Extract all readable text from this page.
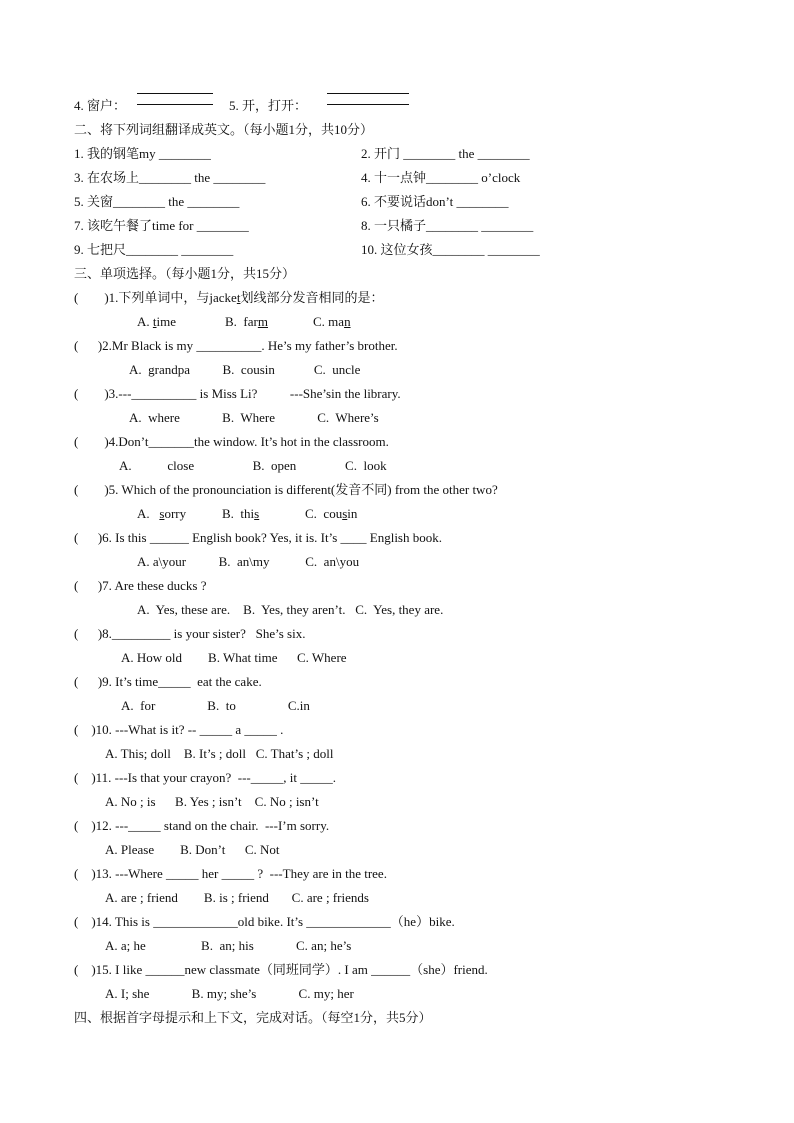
4. 窗户：	5. 开，打开：
二、将下列词组翻译成英文。（每小题1分，共10分）
1. 我的钢笔my ________	2. 开门 ________ the ________
3. 在农场上________ the ________	4. 十一点钟________ o’clock
5. 关窗________ the ________	6. 不要说话don’t ________
7. 该吃午餐了time for ________	8. 一只橘子________ ________
9. 七把尺________ ________	10. 这位女孩________ ________
三、单项选择。（每小题1分，共15分）
(        )1.下列单词中，与jacket划线部分发音相同的是：
A. time	B.  farm	C. man
(      )2.Mr Black is my __________. He’s my father’s brother.
A.  grandpa          B.  cousin            C.  uncle
(        )3.---__________ is Miss Li?          ---She’sin the library.
A.  where             B.  Where             C.  Where’s
(        )4.Don’t_______the window. It’s hot in the classroom.
A.           close                  B.  open               C.  look
(        )5. Which of the pronounciation is different(发音不同) from the other two?
A.   sorry	B.  this	C.  cousin
(      )6. Is this ______ English book? Yes, it is. It’s ____ English book.
A. a\your          B.  an\my           C.  an\you
(      )7. Are these ducks ?
A.  Yes, these are.    B.  Yes, they aren’t.   C.  Yes, they are.
(      )8._________ is your sister?   She’s six.
A. How old        B. What time      C. Where
(      )9. It’s time_____  eat the cake.
A.  for                B.  to                C.in
(    )10. ---What is it? -- _____ a _____ .
A. This; doll    B. It’s ; doll   C. That’s ; doll
(    )11. ---Is that your crayon?  ---_____, it _____.
A. No ; is      B. Yes ; isn’t    C. No ; isn’t
(    )12. ---_____ stand on the chair.  ---I’m sorry.
A. Please        B. Don’t      C. Not
(    )13. ---Where _____ her _____ ?  ---They are in the tree.
A. are ; friend        B. is ; friend       C. are ; friends
(    )14. This is _____________old bike. It’s _____________（he）bike.
A. a; he                 B.  an; his             C. an; he’s
(    )15. I like ______new classmate（同班同学）. I am ______（she）friend.
A. I; she             B. my; she’s             C. my; her
四、根据首字母提示和上下文，完成对话。（每空1分，共5分）
